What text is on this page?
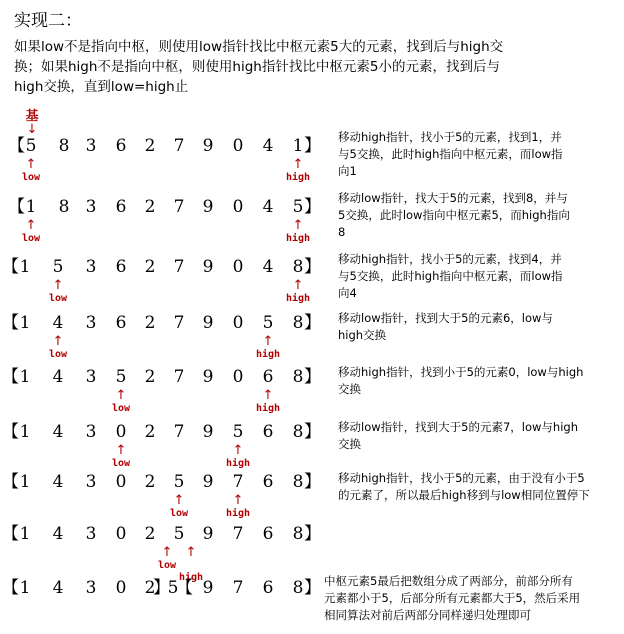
实现二：
如果low不是指向中枢，则使用low指针找比中枢元素5大的元素，找到后与high交
换；如果high不是指向中枢，则使用high指针找比中枢元素5小的元素，找到后与
high交换，直到low=high止
基
↓
【 5 8 3 6 2 7 9 0 4 1 】
↑
low
↑
high
移动high指针，找小于5的元素，找到1，并
与5交换，此时high指向中枢元素，而low指
向1
【 1 8 3 6 2 7 9 0 4 5 】
↑
low
↑
high
移动low指针，找大于5的元素，找到8，并与
5交换，此时low指向中枢元素5，而high指向
8
【 1 5 3 6 2 7 9 0 4 8 】
↑
low
↑
high
移动high指针，找小于5的元素，找到4，并
与5交换，此时high指向中枢元素，而low指
向4
【 1 4 3 6 2 7 9 0 5 8 】
↑
low
↑
high
移动low指针，找到大于5的元素6，low与
high交换
【 1 4 3 5 2 7 9 0 6 8 】
↑
low
↑
high
移动high指针，找到小于5的元素0，low与high
交换
【 1 4 3 0 2 7 9 5 6 8 】
↑
low
↑
high
移动low指针，找到大于5的元素7，low与high
交换
【 1 4 3 0 2 5 9 7 6 8 】
↑
low
↑
high
移动high指针，找小于5的元素，由于没有小于5
的元素了，所以最后high移到与low相同位置停下
【 1 4 3 0 2 5 9 7 6 8 】
↑
low
↑
high
【 1 4 3 0 2
】
5
【 9 7 6 8 】 中枢元素5最后把数组分成了两部分，前部分所有
元素都小于5，后部分所有元素都大于5，然后采用
相同算法对前后两部分同样递归处理即可
